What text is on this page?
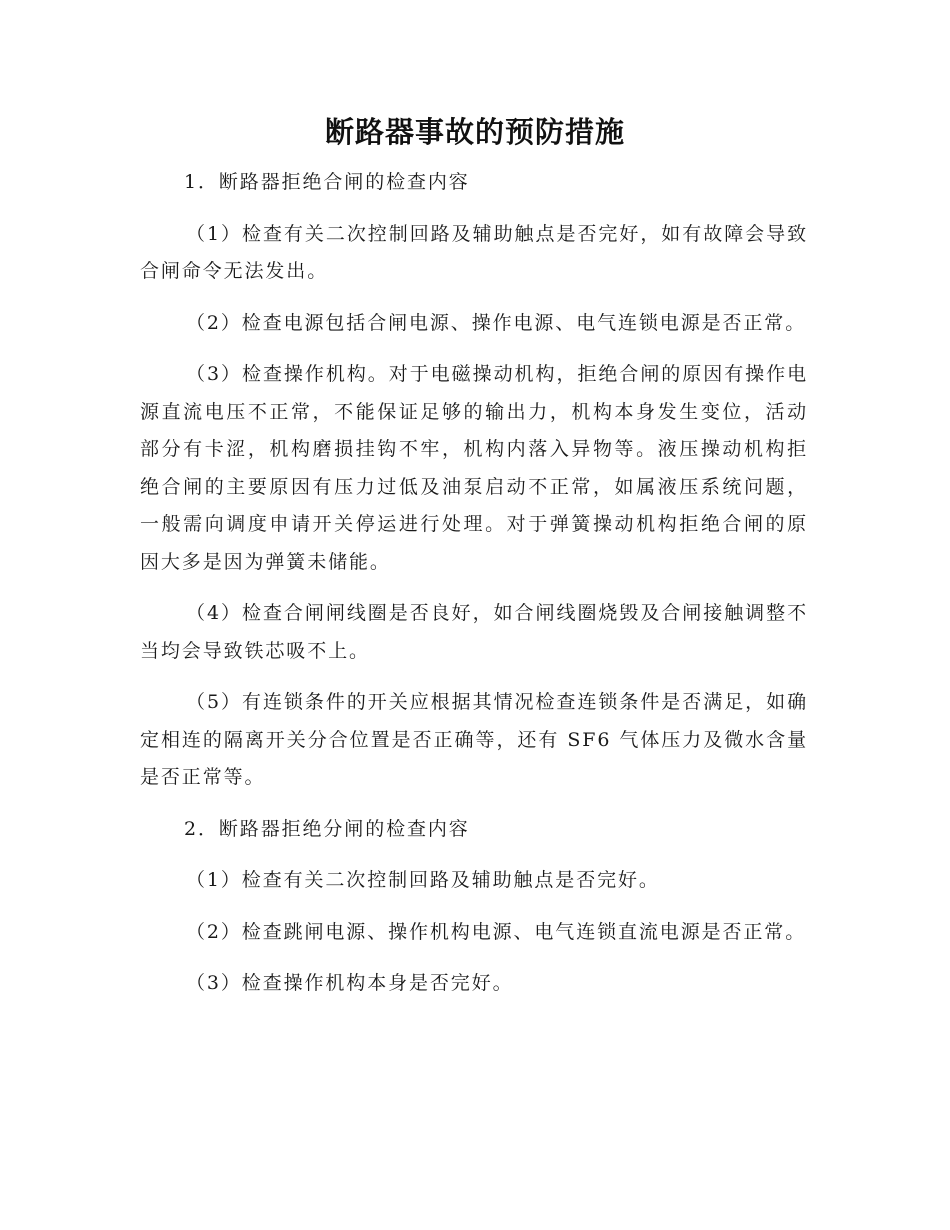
断路器事故的预防措施
1．断路器拒绝合闸的检查内容

（1）检查有关二次控制回路及辅助触点是否完好，如有故障会导致合闸命令无法发出。

（2）检查电源包括合闸电源、操作电源、电气连锁电源是否正常。

（3）检查操作机构。对于电磁操动机构，拒绝合闸的原因有操作电源直流电压不正常，不能保证足够的输出力，机构本身发生变位，活动部分有卡涩，机构磨损挂钩不牢，机构内落入异物等。液压操动机构拒绝合闸的主要原因有压力过低及油泵启动不正常，如属液压系统问题，一般需向调度申请开关停运进行处理。对于弹簧操动机构拒绝合闸的原因大多是因为弹簧未储能。

（4）检查合闸闸线圈是否良好，如合闸线圈烧毁及合闸接触调整不当均会导致铁芯吸不上。

（5）有连锁条件的开关应根据其情况检查连锁条件是否满足，如确定相连的隔离开关分合位置是否正确等，还有 SF6 气体压力及微水含量是否正常等。

2．断路器拒绝分闸的检查内容

（1）检查有关二次控制回路及辅助触点是否完好。

（2）检查跳闸电源、操作机构电源、电气连锁直流电源是否正常。

（3）检查操作机构本身是否完好。
